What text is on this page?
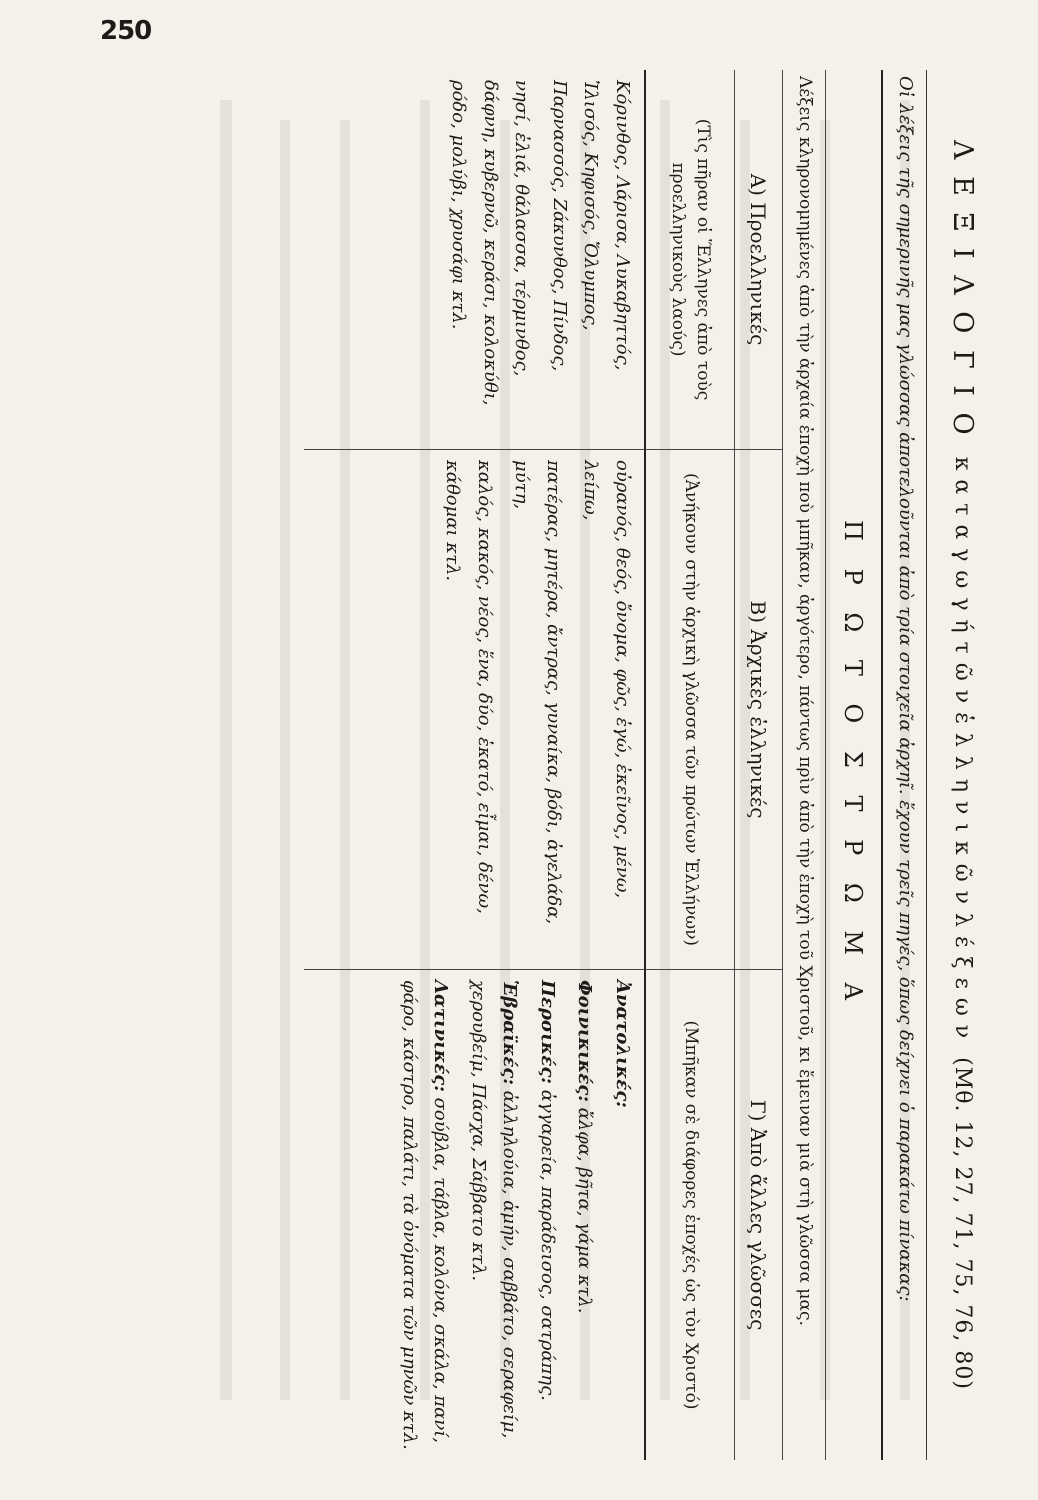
250
Λ Ε Ξ Ι Λ Ο Γ Ι Ο
κ α τ α γ ω γ ή τ ῶ ν ἑ λ λ η ν ι κ ῶ ν λ έ ξ ε ω ν
(Μθ. 12, 27, 71, 75, 76, 80)
Οἱ λέξεις τῆς σημερινῆς μας γλώσσας ἀποτελοῦνται ἀπὸ τρία στοιχεῖα ἀρχηῖ. ἔχουν τρεῖς πηγές, ὅπως δείχνει ὁ παρακάτω πίνακας:
Π Ρ Ω Τ Ο Σ Τ Ρ Ω Μ Α
Λέξεις κληρονομημένες ἀπὸ τὴν ἀρχαία ἐποχὴ ποὺ μπῆκαν, ἀργότερο, πάντως πρὶν ἀπὸ τὴν ἐποχὴ τοῦ Χριστοῦ, κι ἔμειναν μιὰ στὴ γλῶσσα μας.
Α) Προελληνικές
Β) Ἀρχικὲς ἑλληνικές
Γ) Ἀπὸ ἄλλες γλῶσσες
(Τὶς πῆραν οἱ Ἕλληνες ἀπὸ τοὺς προελληνικοὺς λαούς)
(Ἀνήκουν στὴν ἀρχικὴ γλῶσσα τῶν πρώτων Ἑλλήνων)
(Μπῆκαν σὲ διάφορες ἐποχές ὡς τὸν Χριστό)

Κόρινθος, Λάρισα, Λυκαβηττός, Ἰλισός, Κηφισός, Ὄλυμπος, Παρνασσός, Ζάκυνθος, Πίνδος,

νησί, ἐλιά, θάλασσα, τέρμινθος, δάφνη, κυβερνῶ, κεράσι, κολοκύθι, ρόδο, μολύβι, χρυσάφι κτλ.

οὐρανός, θεός, ὄνομα, φῶς, ἐγώ, ἐκεῖνος, μένω, λείπω,

πατέρας, μητέρα, ἄντρας, γυναίκα, βόδι, ἀγελάδα, μύτη,

καλός, κακός, νέος, ἕνα, δύο, ἑκατό, εἶμαι, δένω, κάθομαι κτλ.

Ἀνατολικές:

Φοινικικές: ἄλφα, βῆτα, γάμα κτλ.

Περσικές: ἀγγαρεία, παράδεισος, σατράπης.

Ἑβραϊκές: ἀλληλούια, ἀμήν, σαββάτο, σεραφείμ, χερουβείμ, Πάσχα, Σάββατο κτλ.

Λατινικές: σούβλα, τάβλα, κολόνα, σκάλα, πανί, φάρο, κάστρο, παλάτι, τὰ ὀνόματα τῶν μηνῶν κτλ.
